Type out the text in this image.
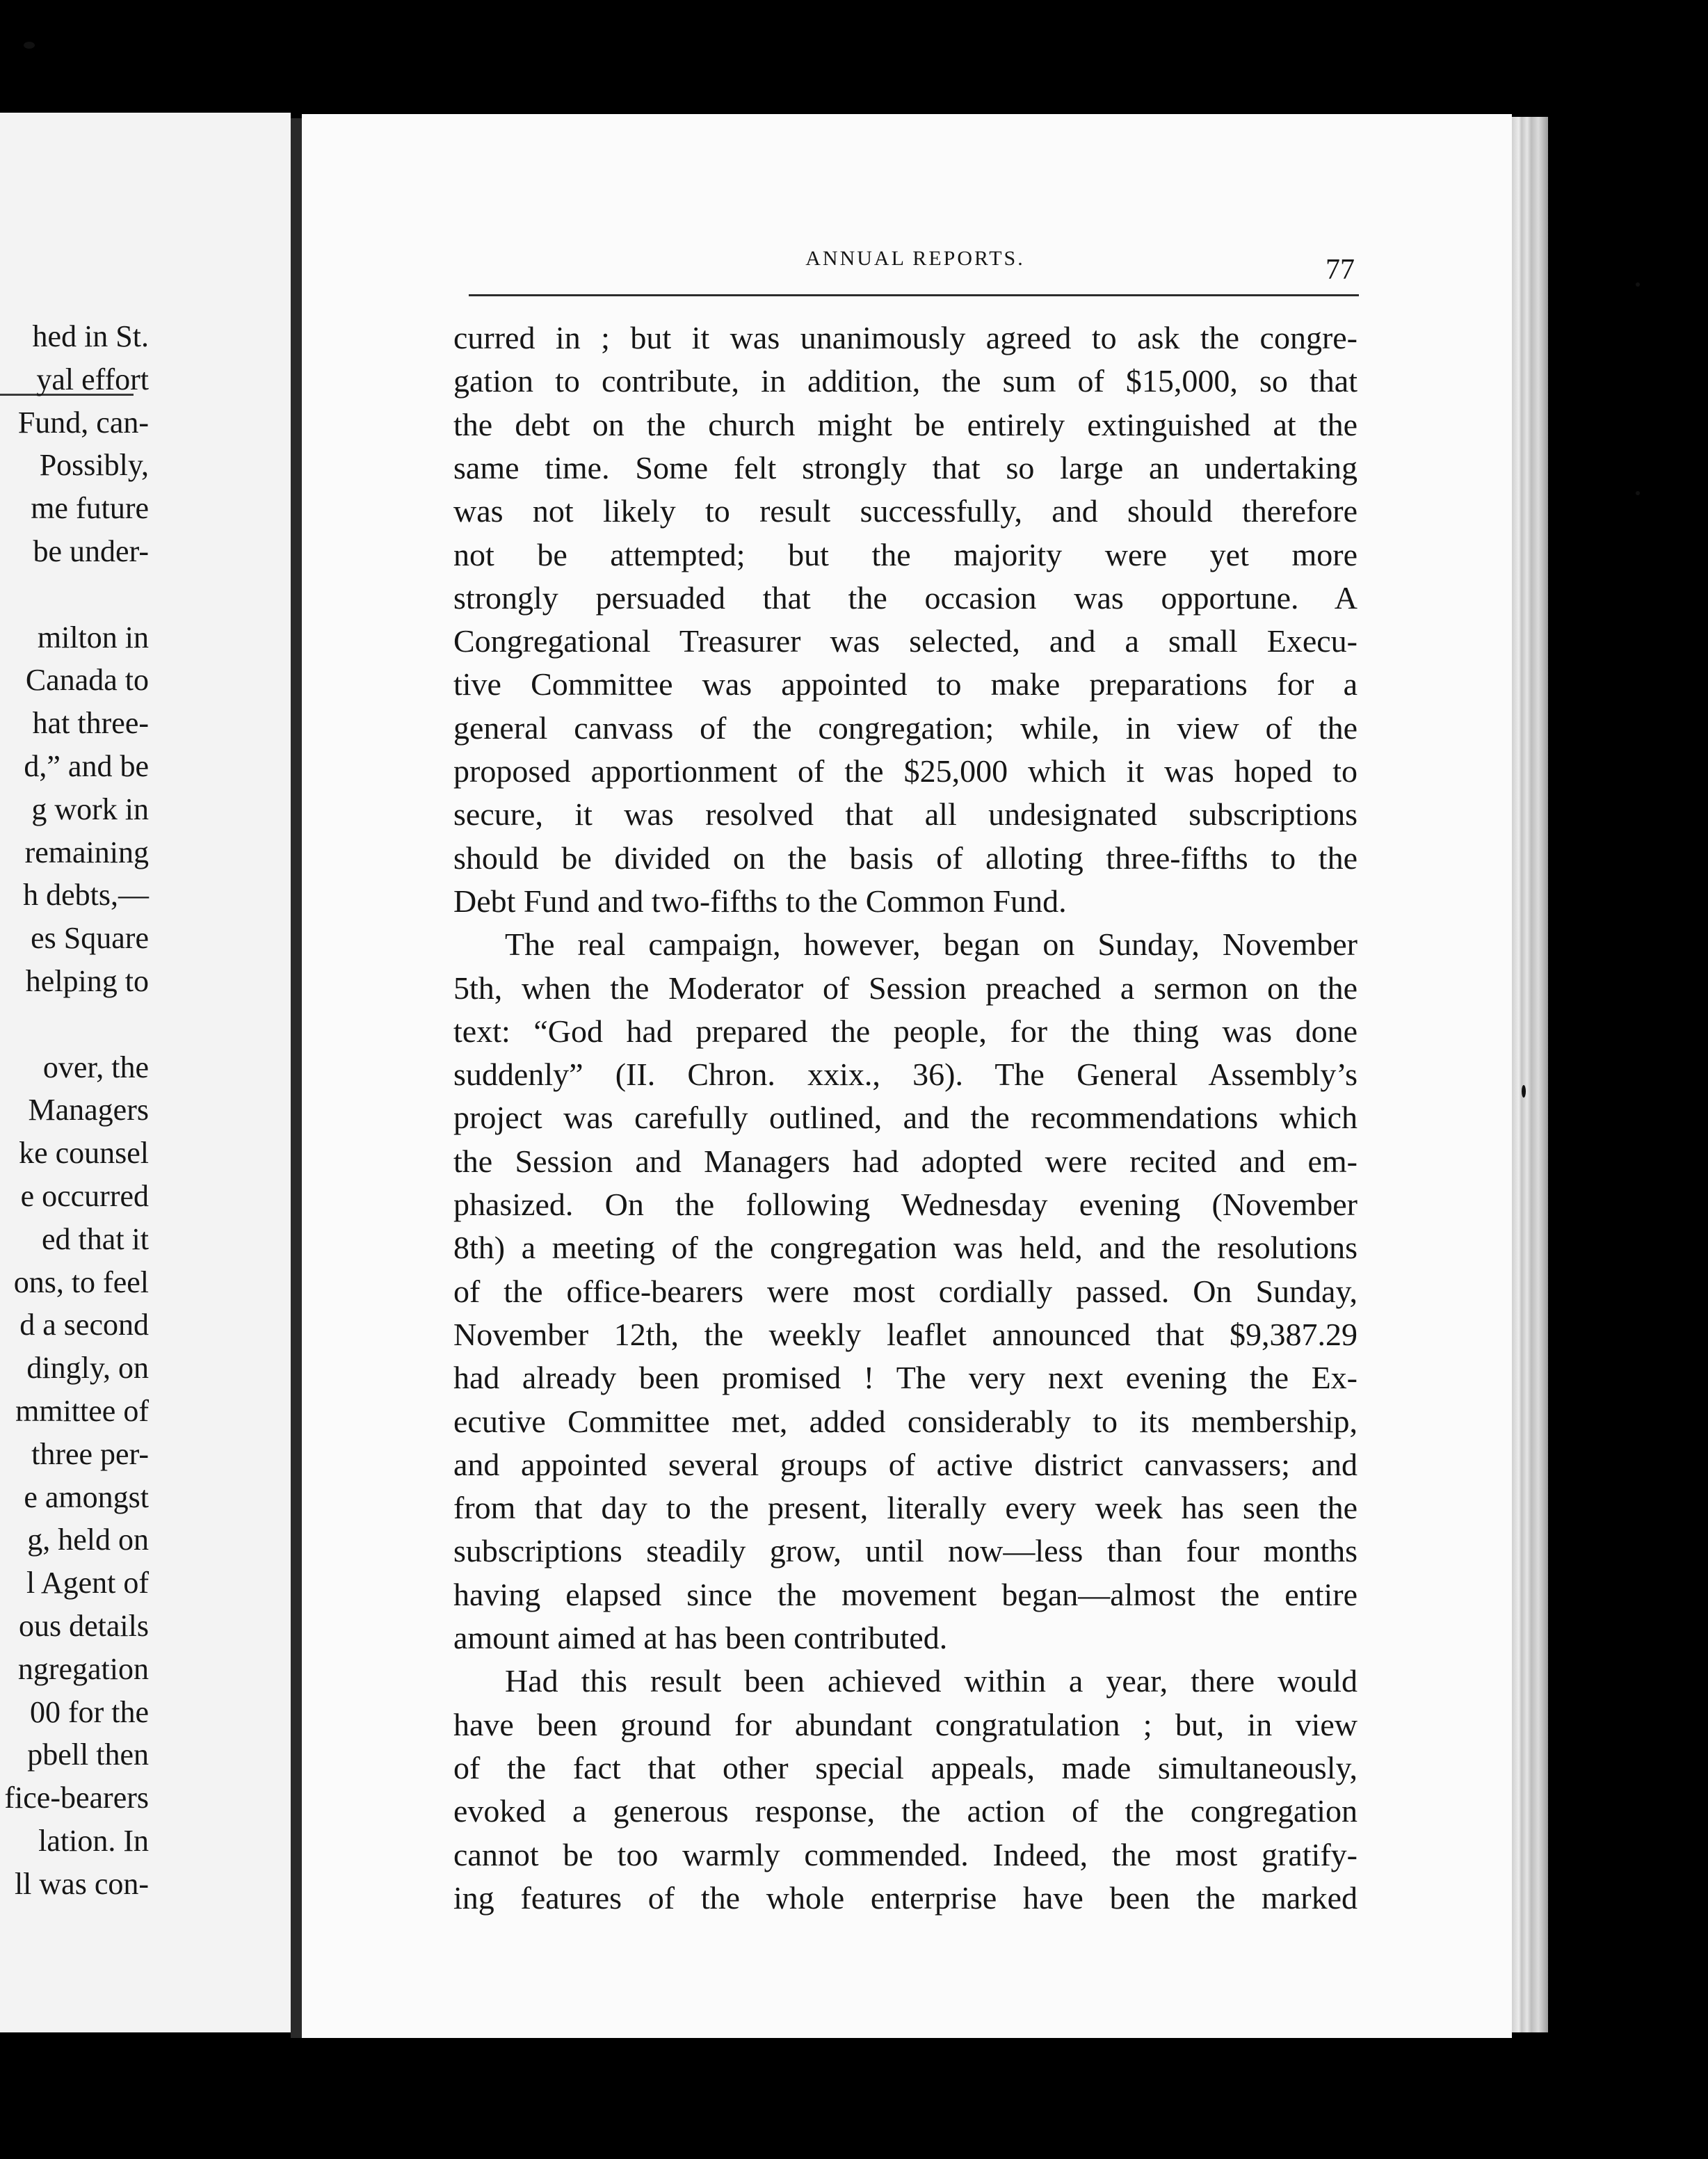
ANNUAL REPORTS.	77
curred in ; but it was unanimously agreed to ask the congre-
gation to contribute, in addition, the sum of $15,000, so that
the debt on the church might be entirely extinguished at the
same time. Some felt strongly that so large an undertaking
was not likely to result successfully, and should therefore
not be attempted; but the majority were yet more
strongly persuaded that the occasion was opportune. A
Congregational Treasurer was selected, and a small Execu-
tive Committee was appointed to make preparations for a
general canvass of the congregation; while, in view of the
proposed apportionment of the $25,000 which it was hoped to
secure, it was resolved that all undesignated subscriptions
should be divided on the basis of alloting three-fifths to the
Debt Fund and two-fifths to the Common Fund.
The real campaign, however, began on Sunday, November
5th, when the Moderator of Session preached a sermon on the
text: “God had prepared the people, for the thing was done
suddenly” (II. Chron. xxix., 36). The General Assembly’s
project was carefully outlined, and the recommendations which
the Session and Managers had adopted were recited and em-
phasized. On the following Wednesday evening (November
8th) a meeting of the congregation was held, and the resolutions
of the office-bearers were most cordially passed. On Sunday,
November 12th, the weekly leaflet announced that $9,387.29
had already been promised ! The very next evening the Ex-
ecutive Committee met, added considerably to its membership,
and appointed several groups of active district canvassers; and
from that day to the present, literally every week has seen the
subscriptions steadily grow, until now—less than four months
having elapsed since the movement began—almost the entire
amount aimed at has been contributed.
Had this result been achieved within a year, there would
have been ground for abundant congratulation ; but, in view
of the fact that other special appeals, made simultaneously,
evoked a generous response, the action of the congregation
cannot be too warmly commended. Indeed, the most gratify-
ing features of the whole enterprise have been the marked
hed in St.
yal effort
Fund, can-
Possibly,
me future
be under-
milton in
Canada to
hat three-
d,” and be
g work in
remaining
h debts,—
es Square
helping to
over, the
Managers
ke counsel
e occurred
ed that it
ons, to feel
d a second
dingly, on
mmittee of
three per-
e amongst
g, held on
l Agent of
ous details
ngregation
00 for the
pbell then
fice-bearers
lation. In
ll was con-
